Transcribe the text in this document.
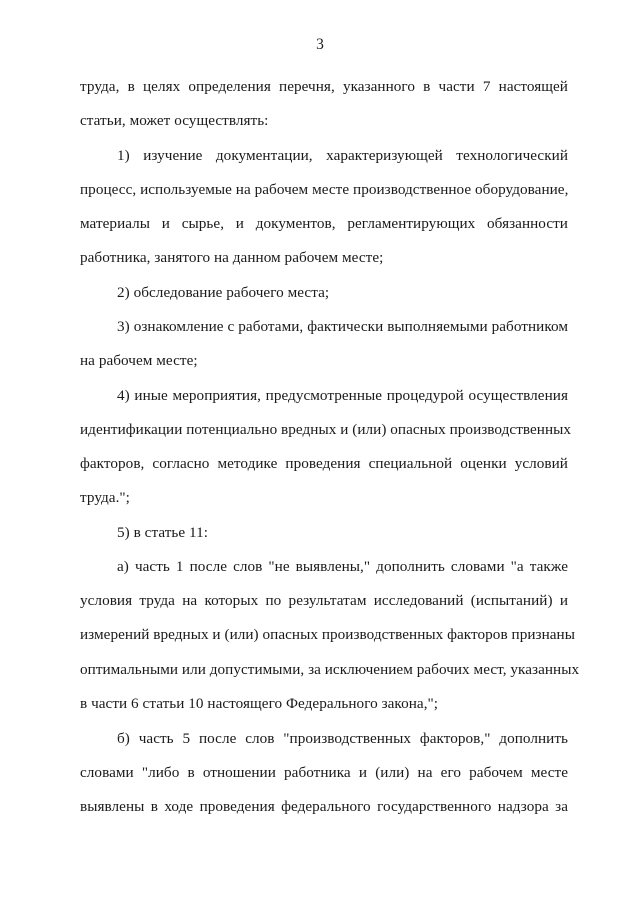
3
труда, в целях определения перечня, указанного в части 7 настоящей
статьи, может осуществлять:
1) изучение документации, характеризующей технологический
процесс, используемые на рабочем месте производственное оборудование,
материалы и сырье, и документов, регламентирующих обязанности
работника, занятого на данном рабочем месте;
2) обследование рабочего места;
3) ознакомление с работами, фактически выполняемыми работником
на рабочем месте;
4) иные мероприятия, предусмотренные процедурой осуществления
идентификации потенциально вредных и (или) опасных производственных
факторов, согласно методике проведения специальной оценки условий
труда.";
5) в статье 11:
а) часть 1 после слов "не выявлены," дополнить словами "а также
условия труда на которых по результатам исследований (испытаний) и
измерений вредных и (или) опасных производственных факторов признаны
оптимальными или допустимыми, за исключением рабочих мест, указанных
в части 6 статьи 10 настоящего Федерального закона,";
б) часть 5 после слов "производственных факторов," дополнить
словами "либо в отношении работника и (или) на его рабочем месте
выявлены в ходе проведения федерального государственного надзора за
